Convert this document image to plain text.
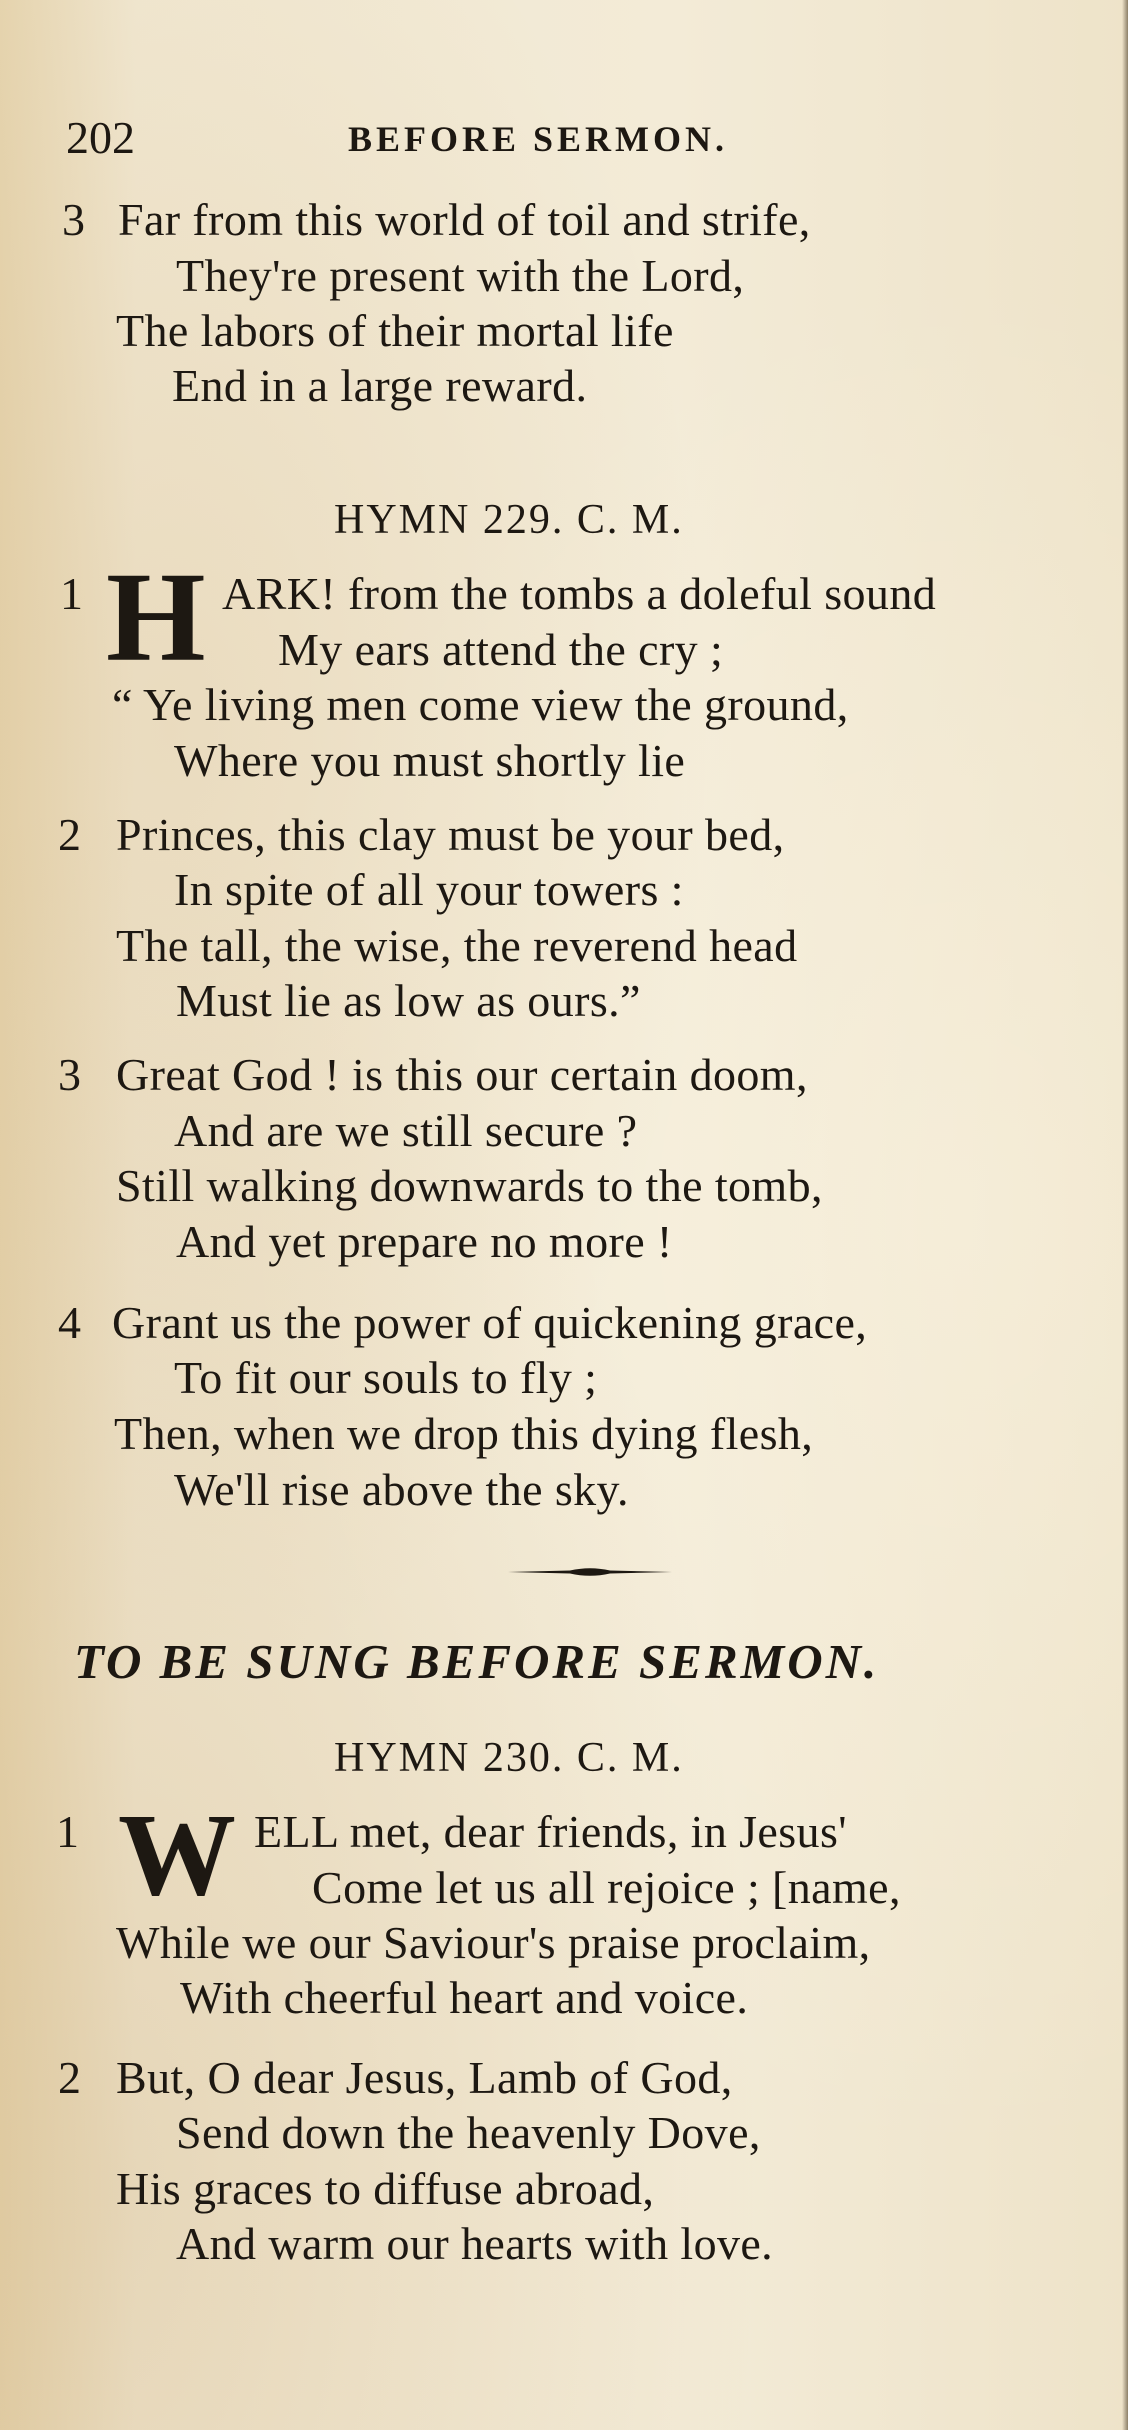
202	BEFORE SERMON.
3 Far from this world of toil and strife,
They're present with the Lord,
The labors of their mortal life
End in a large reward.
HYMN 229. C. M.
1 H ARK! from the tombs a doleful sound
My ears attend the cry ;
“ Ye living men come view the ground,
Where you must shortly lie
2 Princes, this clay must be your bed,
In spite of all your towers :
The tall, the wise, the reverend head
Must lie as low as ours.”
3 Great God ! is this our certain doom,
And are we still secure ?
Still walking downwards to the tomb,
And yet prepare no more !
4 Grant us the power of quickening grace,
To fit our souls to fly ;
Then, when we drop this dying flesh,
We'll rise above the sky.
TO BE SUNG BEFORE SERMON.
HYMN 230. C. M.
1 W ELL met, dear friends, in Jesus'
Come let us all rejoice ; [name,
While we our Saviour's praise proclaim,
With cheerful heart and voice.
2 But, O dear Jesus, Lamb of God,
Send down the heavenly Dove,
His graces to diffuse abroad,
And warm our hearts with love.
